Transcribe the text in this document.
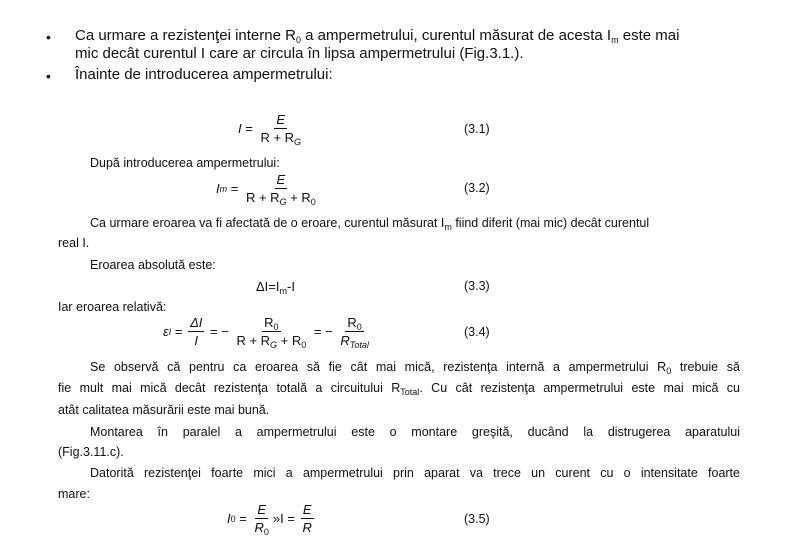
• Ca urmare a rezistenţei interne $R_0$ a ampermetrului, curentul măsurat de acesta $I_m$ este mai
mic decât curentul I care ar circula în lipsa ampermetrului (Fig.3.1.).
• Înainte de introducerea ampermetrului:
$I = \frac{E}{R + R_G}$	(3.1)
După introducerea ampermetrului:
I $m = \frac{E}{R + R_G + R_0}$	(3.2)
Ca urmare eroarea va fi afectată de o eroare, curentul măsurat $I_m$ fiind diferit (mai mic) decât curentul
real I.
Eroarea absolută este:
$\Delta I=I_m-I$	(3.3)
Iar eroarea relativă:
ε $I = \frac{\Delta I}{I}$ = − $\frac{R_0}{R + R_G + R_0}$ = − $\frac{R_0}{R_{Total}}$	(3.4)
Se observă că pentru ca eroarea să fie cât mai mică, rezistenţa internă a ampermetrului $R_0$ trebuie să
fie mult mai mică decât rezistenţa totală a circuitului $R_{Total}$. Cu cât rezistenţa ampermetrului este mai mică cu
atât calitatea măsurării este mai bună.
Montarea în paralel a ampermetrului este o montare greşită, ducând la distrugerea aparatului
(Fig.3.11.c).
Datorită rezistenţei foarte mici a ampermetrului prin aparat va trece un curent cu o intensitate foarte
mare:
I $0 = \frac{E}{R_0}$ »I = $\frac{E}{R}$	(3.5)
